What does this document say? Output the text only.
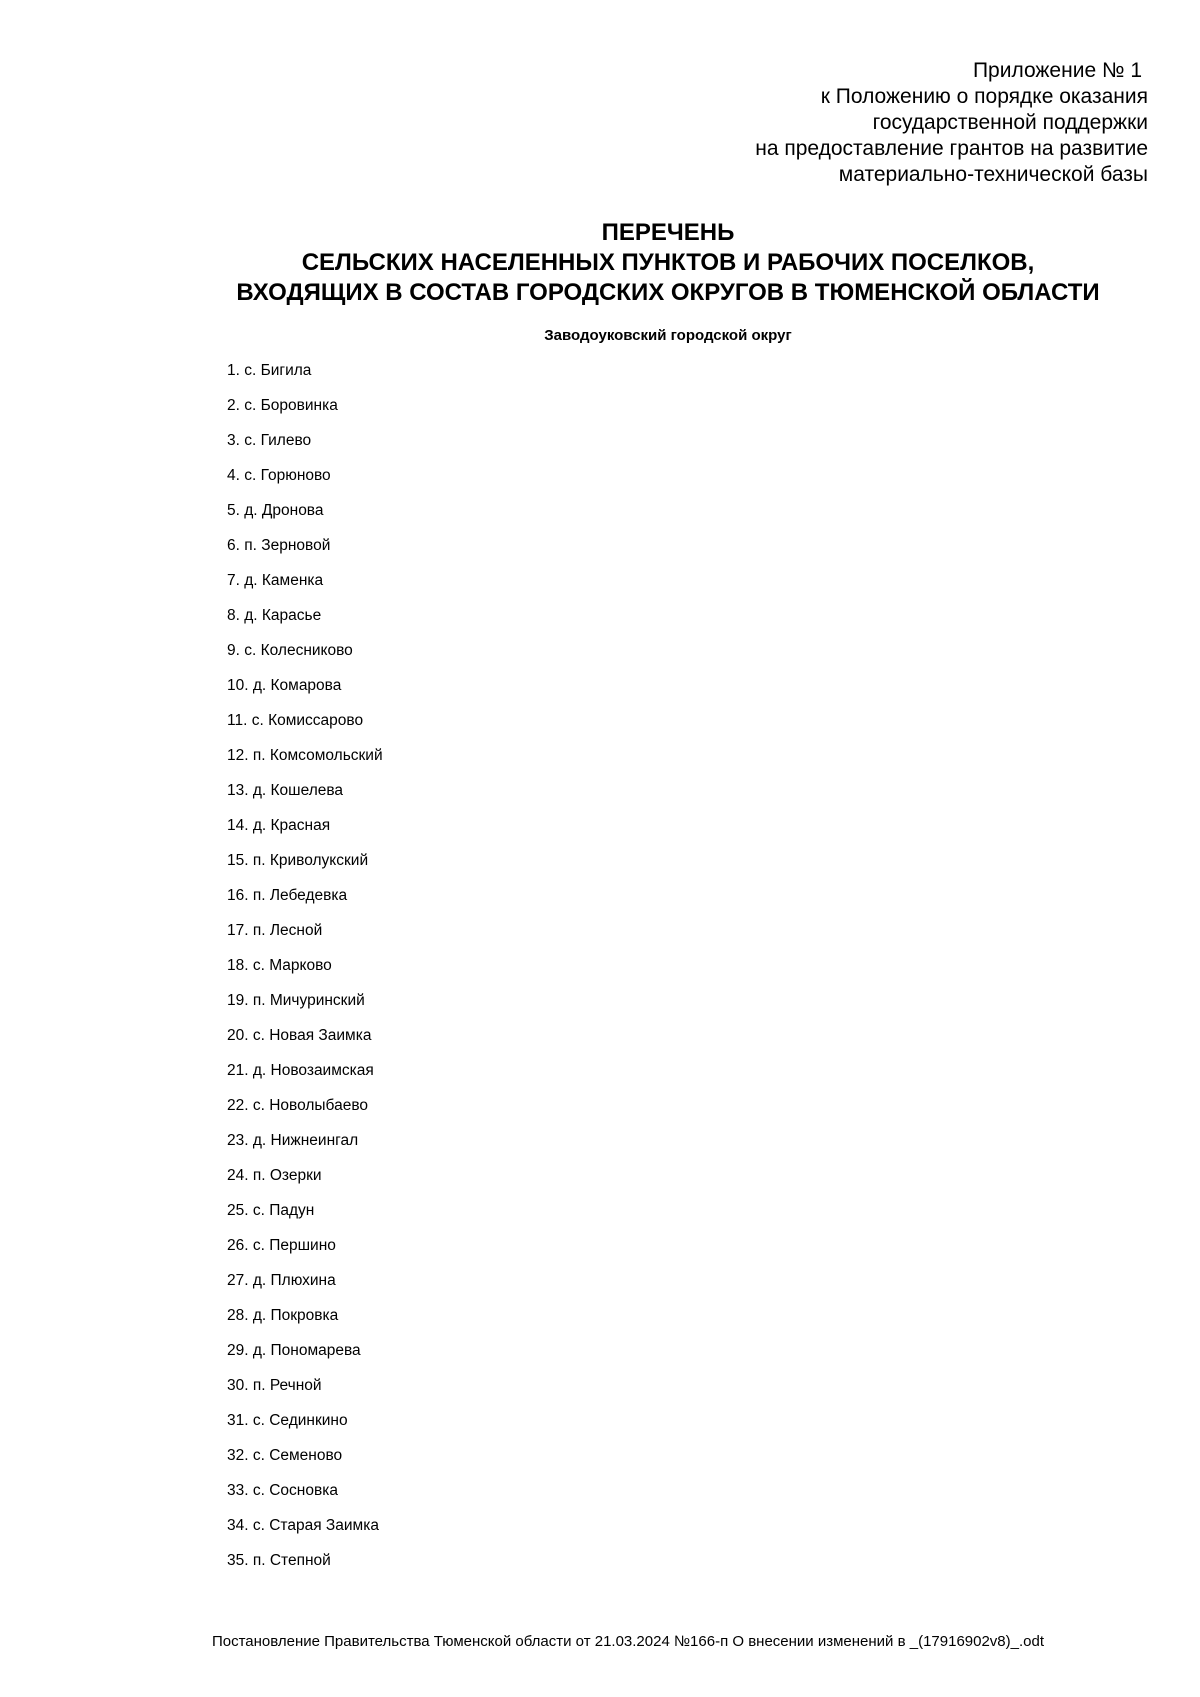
Приложение № 1
к Положению о порядке оказания
государственной поддержки
на предоставление грантов на развитие
материально-технической базы
ПЕРЕЧЕНЬ
СЕЛЬСКИХ НАСЕЛЕННЫХ ПУНКТОВ И РАБОЧИХ ПОСЕЛКОВ,
ВХОДЯЩИХ В СОСТАВ ГОРОДСКИХ ОКРУГОВ В ТЮМЕНСКОЙ ОБЛАСТИ
Заводоуковский городской округ
1. с. Бигила
2. с. Боровинка
3. с. Гилево
4. с. Горюново
5. д. Дронова
6. п. Зерновой
7. д. Каменка
8. д. Карасье
9. с. Колесниково
10. д. Комарова
11. с. Комиссарово
12. п. Комсомольский
13. д. Кошелева
14. д. Красная
15. п. Криволукский
16. п. Лебедевка
17. п. Лесной
18. с. Марково
19. п. Мичуринский
20. с. Новая Заимка
21. д. Новозаимская
22. с. Новолыбаево
23. д. Нижнеингал
24. п. Озерки
25. с. Падун
26. с. Першино
27. д. Плюхина
28. д. Покровка
29. д. Пономарева
30. п. Речной
31. с. Сединкино
32. с. Семеново
33. с. Сосновка
34. с. Старая Заимка
35. п. Степной
Постановление Правительства Тюменской области от 21.03.2024 №166-п О внесении изменений в _(17916902v8)_.odt
